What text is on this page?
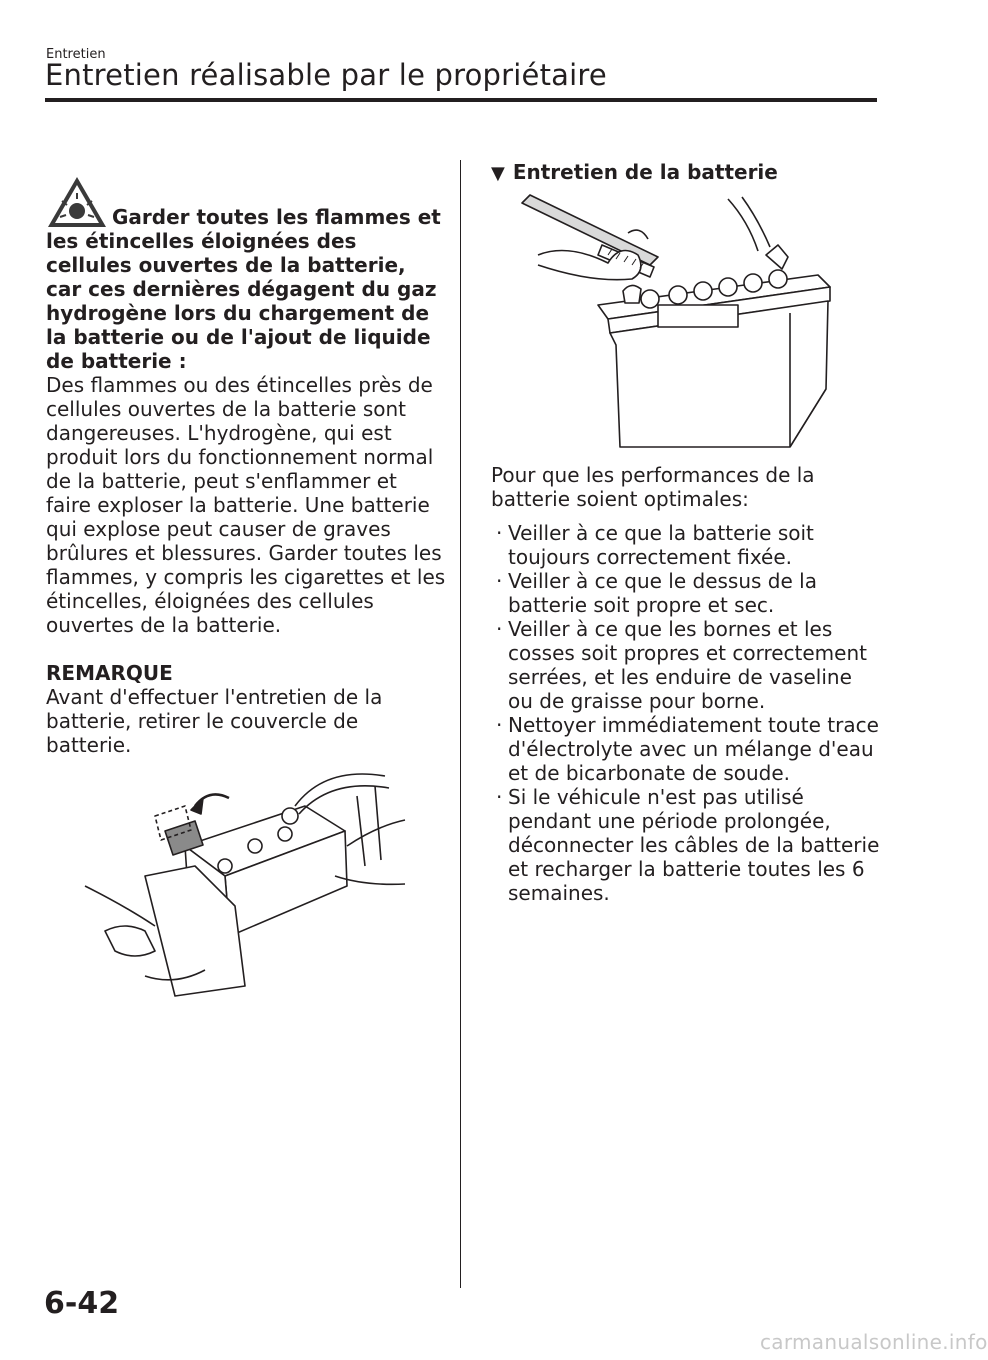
Entretien
Entretien réalisable par le propriétaire
Garder toutes les flammes et

les étincelles éloignées des cellules ouvertes de la batterie, car ces dernières dégagent du gaz hydrogène lors du chargement de la batterie ou de l'ajout de liquide de batterie :

Des flammes ou des étincelles près de cellules ouvertes de la batterie sont dangereuses. L'hydrogène, qui est produit lors du fonctionnement normal de la batterie, peut s'enflammer et faire exploser la batterie. Une batterie qui explose peut causer de graves brûlures et blessures. Garder toutes les flammes, y compris les cigarettes et les étincelles, éloignées des cellules ouvertes de la batterie.

REMARQUE

Avant d'effectuer l'entretien de la batterie, retirer le couvercle de batterie.

▼ Entretien de la batterie

Pour que les performances de la batterie soient optimales:

· Veiller à ce que la batterie soit toujours correctement fixée.
· Veiller à ce que le dessus de la batterie soit propre et sec.
· Veiller à ce que les bornes et les cosses soit propres et correctement serrées, et les enduire de vaseline ou de graisse pour borne.
· Nettoyer immédiatement toute trace d'électrolyte avec un mélange d'eau et de bicarbonate de soude.
· Si le véhicule n'est pas utilisé pendant une période prolongée, déconnecter les câbles de la batterie et recharger la batterie toutes les 6 semaines.
6-42
carmanualsonline.info
